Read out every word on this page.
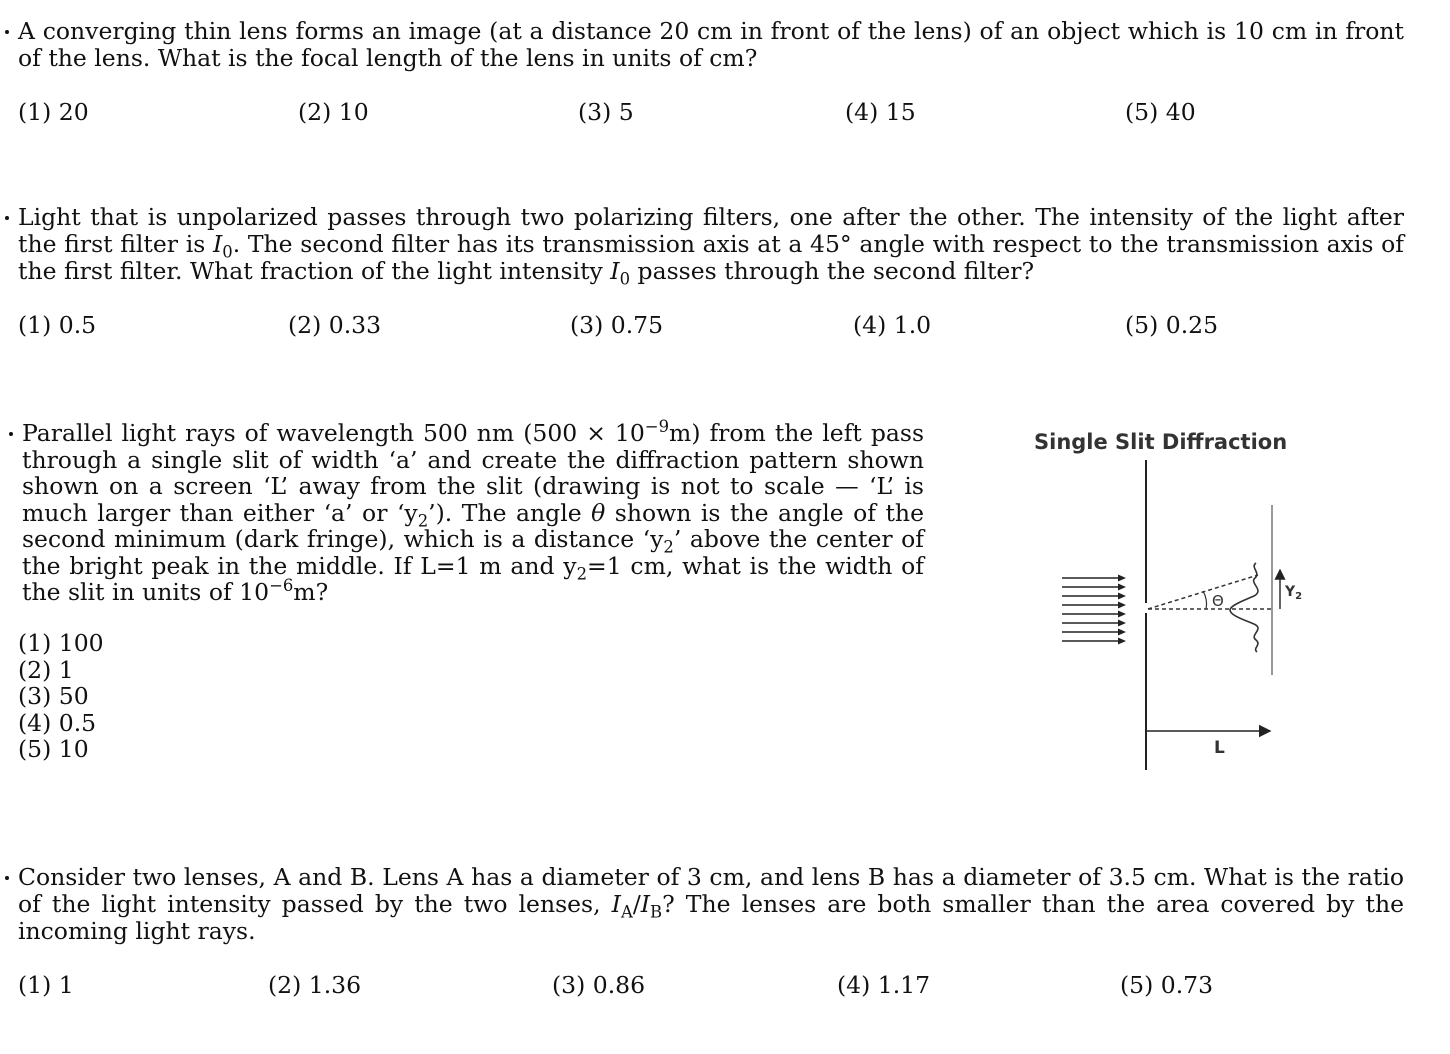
A converging thin lens forms an image (at a distance 20 cm in front of the lens) of an object which is 10 cm in front of the lens. What is the focal length of the lens in units of cm?
(1) 20	(2) 10	(3) 5	(4) 15	(5) 40
Light that is unpolarized passes through two polarizing filters, one after the other. The intensity of the light after the first filter is $I_0$. The second filter has its transmission axis at a 45° angle with respect to the transmission axis of the first filter. What fraction of the light intensity $I_0$ passes through the second filter?
(1) 0.5	(2) 0.33	(3) 0.75	(4) 1.0	(5) 0.25
Parallel light rays of wavelength 500 nm $(500 \times 10^{-9}m)$ from the left pass through a single slit of width ‘a’ and create the diffraction pattern shown shown on a screen ‘L’ away from the slit (drawing is not to scale — ‘L’ is much larger than either ‘a’ or ‘$y_2$’). The angle θ shown is the angle of the second minimum (dark fringe), which is a distance ‘$y_2$’ above the center of the bright peak in the middle. If L=1 m and $y_2=1$ cm, what is the width of the slit in units of $10^{-6}m$?
(1) 100
(2) 1
(3) 50
(4) 0.5
(5) 10
Single Slit Diffraction
Θ	$Y_2$
L
Consider two lenses, A and B. Lens A has a diameter of 3 cm, and lens B has a diameter of 3.5 cm. What is the ratio of the light intensity passed by the two lenses, $I_A/I_B$? The lenses are both smaller than the area covered by the incoming light rays.
(1) 1	(2) 1.36	(3) 0.86	(4) 1.17	(5) 0.73
